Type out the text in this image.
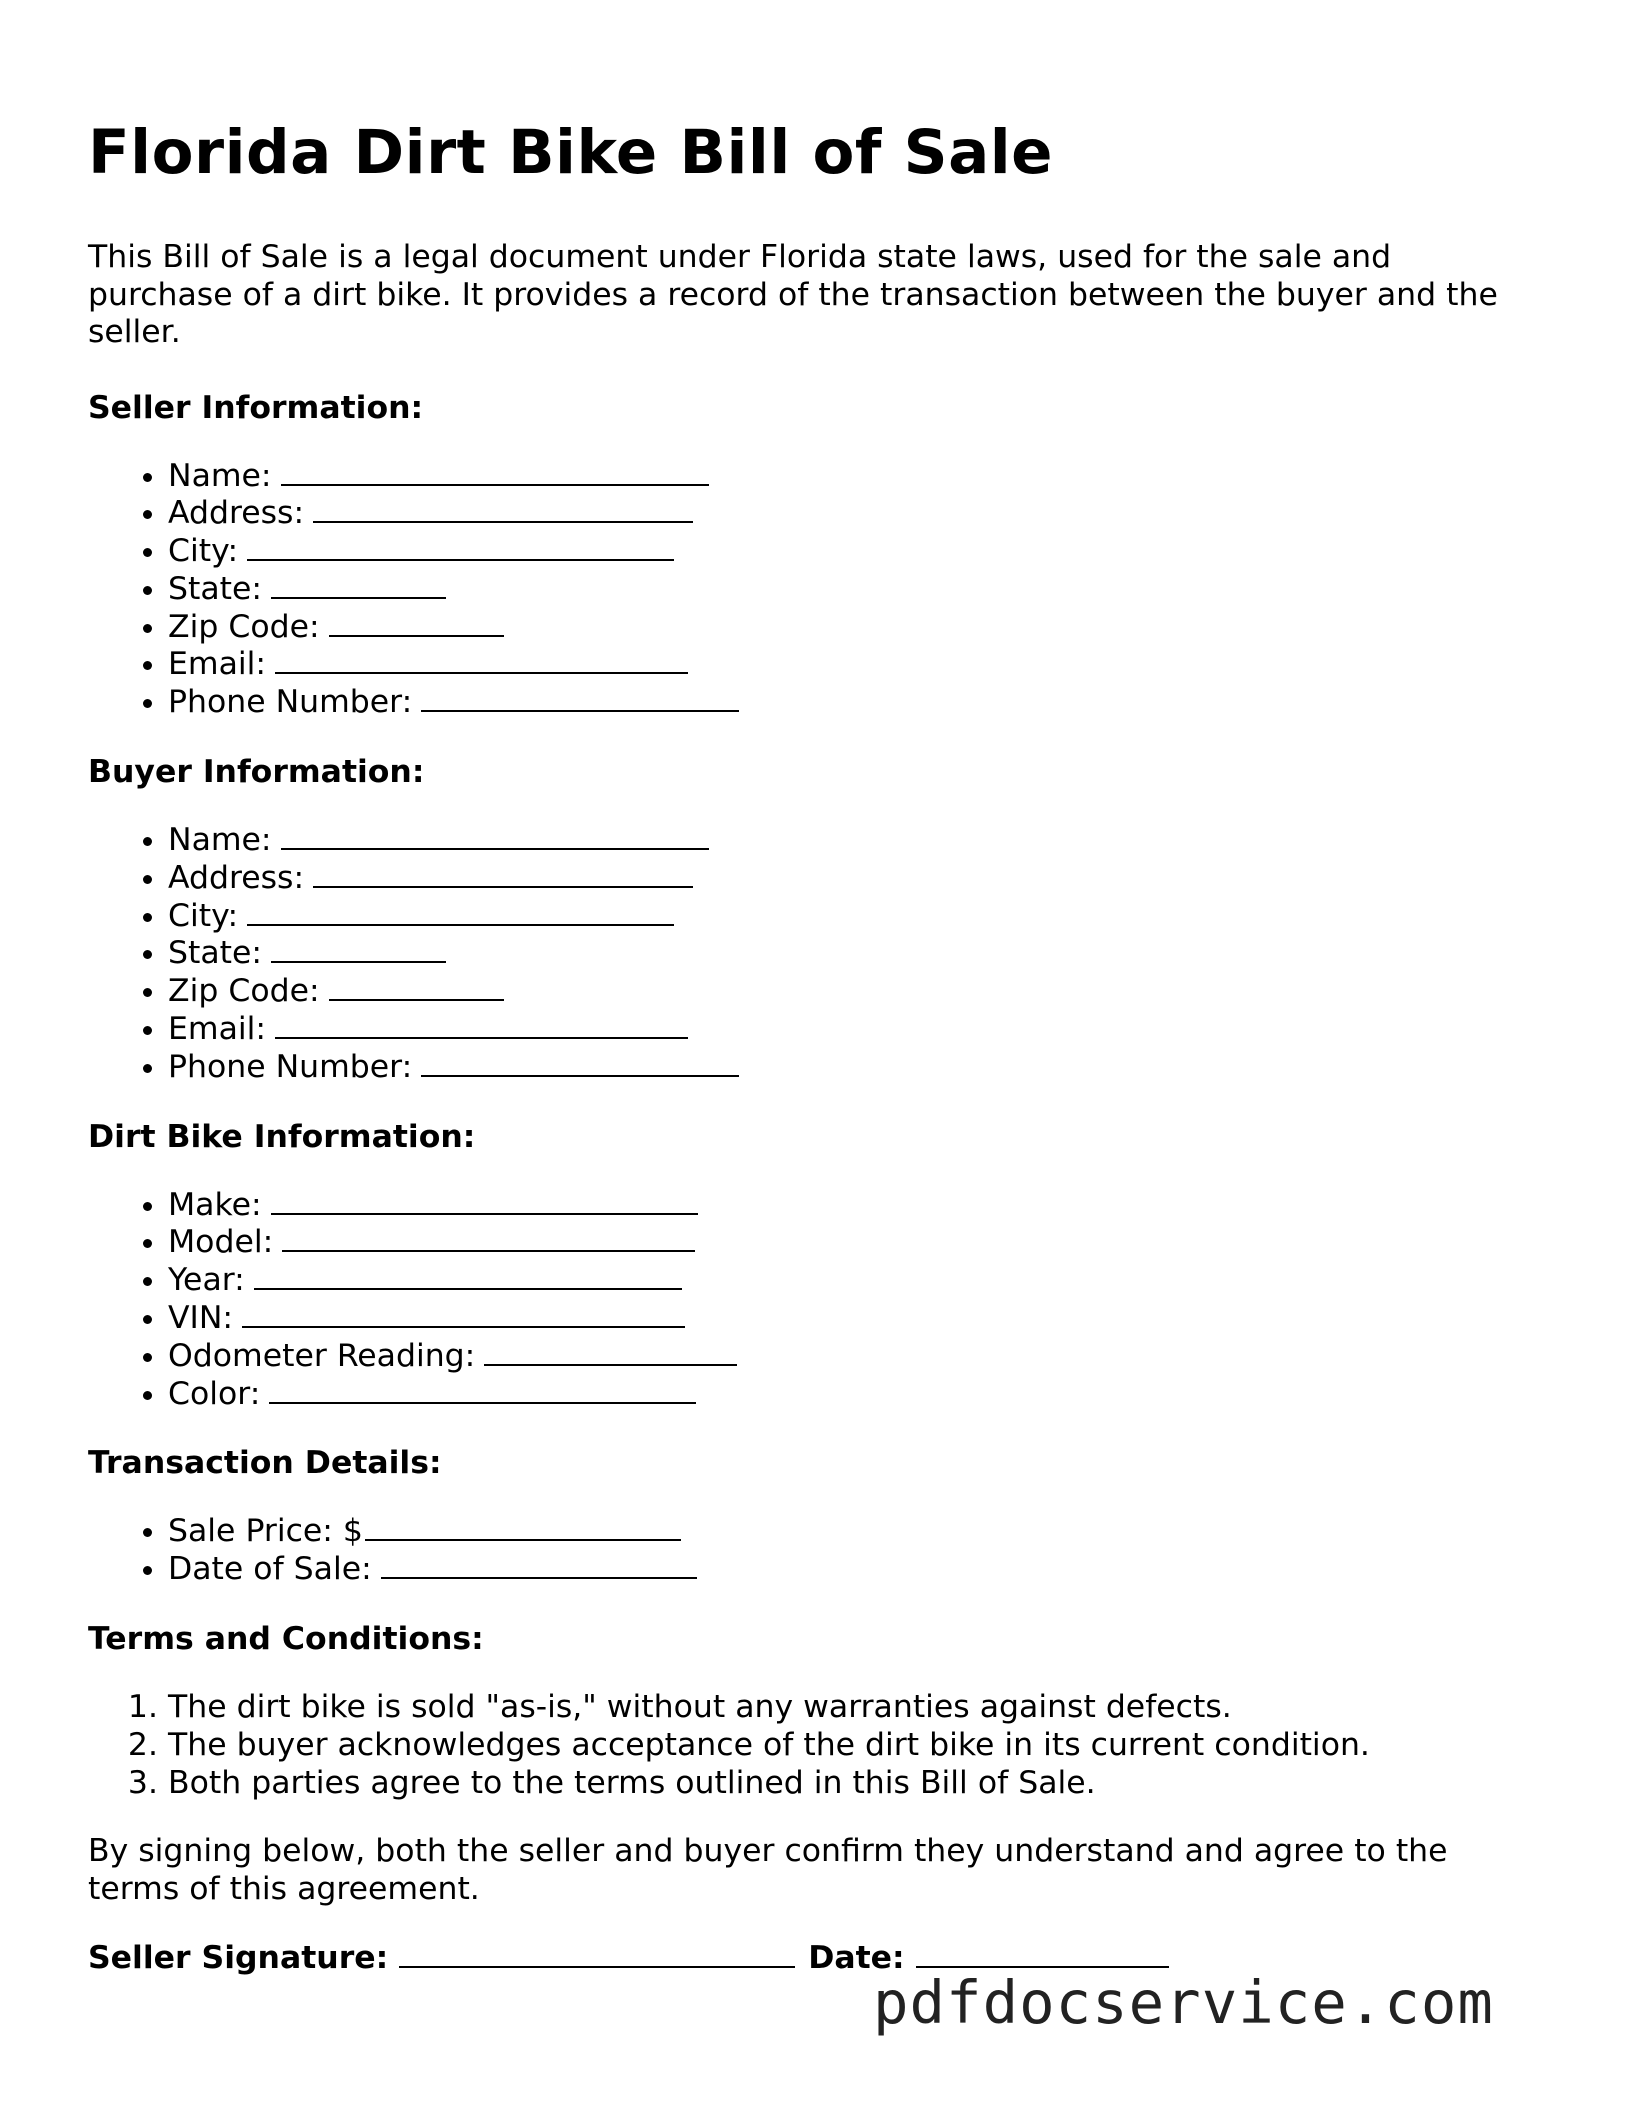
Florida Dirt Bike Bill of Sale

This Bill of Sale is a legal document under Florida state laws, used for the sale and purchase of a dirt bike. It provides a record of the transaction between the buyer and the seller.

Seller Information:
• Name:
• Address:
• City:
• State:
• Zip Code:
• Email:
• Phone Number:
Buyer Information:
• Name:
• Address:
• City:
• State:
• Zip Code:
• Email:
• Phone Number:
Dirt Bike Information:
• Make:
• Model:
• Year:
• VIN:
• Odometer Reading:
• Color:
Transaction Details:
• Sale Price: $
• Date of Sale:
Terms and Conditions:
1. The dirt bike is sold "as-is," without any warranties against defects.
2. The buyer acknowledges acceptance of the dirt bike in its current condition.
3. Both parties agree to the terms outlined in this Bill of Sale.

By signing below, both the seller and buyer confirm they understand and agree to the terms of this agreement.

Seller Signature:	Date:
pdfdocservice.com
